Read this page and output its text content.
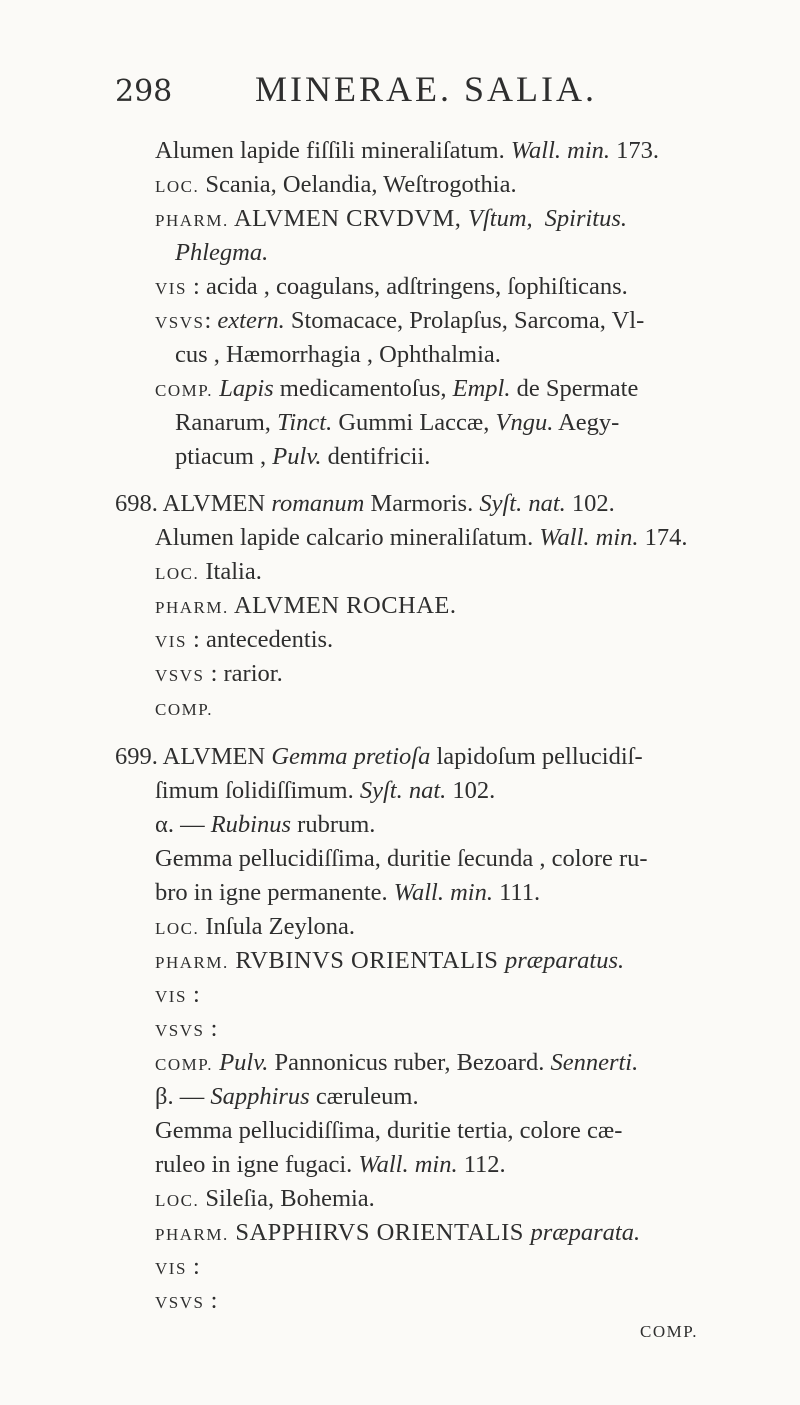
298 MINERAE. SALIA.
Alumen lapide fiſſili mineraliſatum. Wall. min. 173.
LOC. Scania, Oelandia, Weſtrogothia.
PHARM. ALVMEN CRVDVM, Vſtum, Spiritus.
Phlegma.
VIS : acida , coagulans, adſtringens, ſophiſticans.
VSVS: extern. Stomacace, Prolapſus, Sarcoma, Vl-
cus , Hæmorrhagia , Ophthalmia.
COMP. Lapis medicamentoſus, Empl. de Spermate
Ranarum, Tinct. Gummi Laccæ, Vngu. Aegy-
ptiacum , Pulv. dentifricii.
698. ALVMEN romanum Marmoris. Syſt. nat. 102.
Alumen lapide calcario mineraliſatum. Wall. min. 174.
LOC. Italia.
PHARM. ALVMEN ROCHAE.
VIS : antecedentis.
VSVS : rarior.
COMP.
699. ALVMEN Gemma pretioſa lapidoſum pellucidiſ-
ſimum ſolidiſſimum. Syſt. nat. 102.
α. — Rubinus rubrum.
Gemma pellucidiſſima, duritie ſecunda , colore ru-
bro in igne permanente. Wall. min. 111.
LOC. Inſula Zeylona.
PHARM. RVBINVS ORIENTALIS præparatus.
VIS :
VSVS :
COMP. Pulv. Pannonicus ruber, Bezoard. Sennerti.
β. — Sapphirus cæruleum.
Gemma pellucidiſſima, duritie tertia, colore cæ-
ruleo in igne fugaci. Wall. min. 112.
LOC. Sileſia, Bohemia.
PHARM. SAPPHIRVS ORIENTALIS præparata.
VIS :
VSVS :
COMP.
